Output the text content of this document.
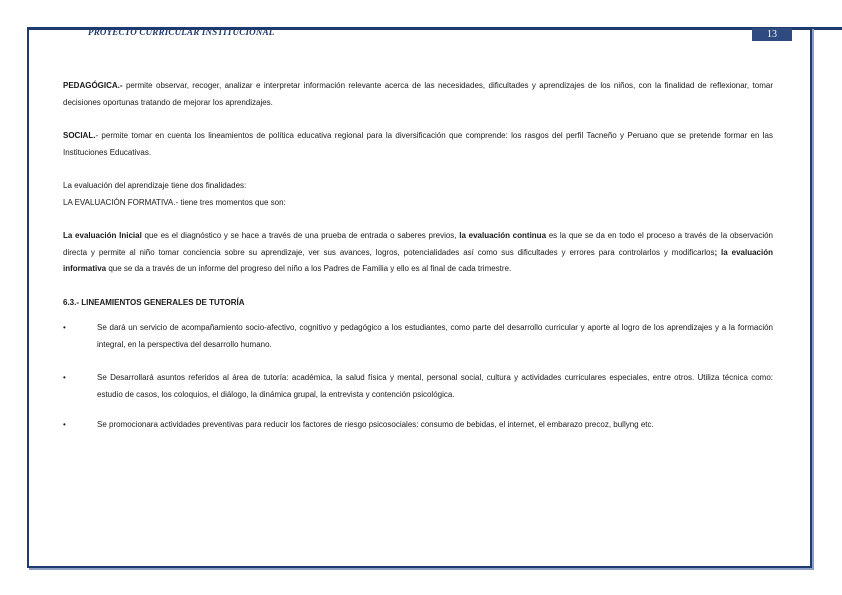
PROYECTO CURRICULAR INSTITUCIONAL	13

PEDAGÓGICA.- permite observar, recoger, analizar e interpretar información relevante acerca de las necesidades, dificultades y aprendizajes de los niños, con la finalidad de reflexionar, tomar decisiones oportunas tratando de mejorar los aprendizajes.

SOCIAL.- permite tomar en cuenta los lineamientos de política educativa regional para la diversificación que comprende: los rasgos del perfil Tacneño y Peruano que se pretende formar en las Instituciones Educativas.

La evaluación del aprendizaje tiene dos finalidades:
LA EVALUACIÓN FORMATIVA.- tiene tres momentos que son:

La evaluación Inicial que es el diagnóstico y se hace a través de una prueba de entrada o saberes previos, la evaluación continua es la que se da en todo el proceso a través de la observación directa y permite al niño tomar conciencia sobre su aprendizaje, ver sus avances, logros, potencialidades así como sus dificultades y errores para controlarlos y modificarlos; la evaluación informativa que se da a través de un informe del progreso del niño a los Padres de Familia y ello es al final de cada trimestre.

6.3.- LINEAMIENTOS GENERALES DE TUTORÍA

•	Se dará un servicio de acompañamiento socio-afectivo, cognitivo y pedagógico a los estudiantes, como parte del desarrollo curricular y aporte al logro de los aprendizajes y a la formación integral, en la perspectiva del desarrollo humano.

•	Se Desarrollará asuntos referidos al área de tutoría: académica, la salud física y mental, personal social, cultura y actividades curriculares especiales, entre otros. Utiliza técnica como: estudio de casos, los coloquios, el diálogo, la dinámica grupal, la entrevista y contención psicológica.

•	Se promocionara actividades preventivas para reducir los factores de riesgo psicosociales: consumo de bebidas, el internet, el embarazo precoz, bullyng etc.
